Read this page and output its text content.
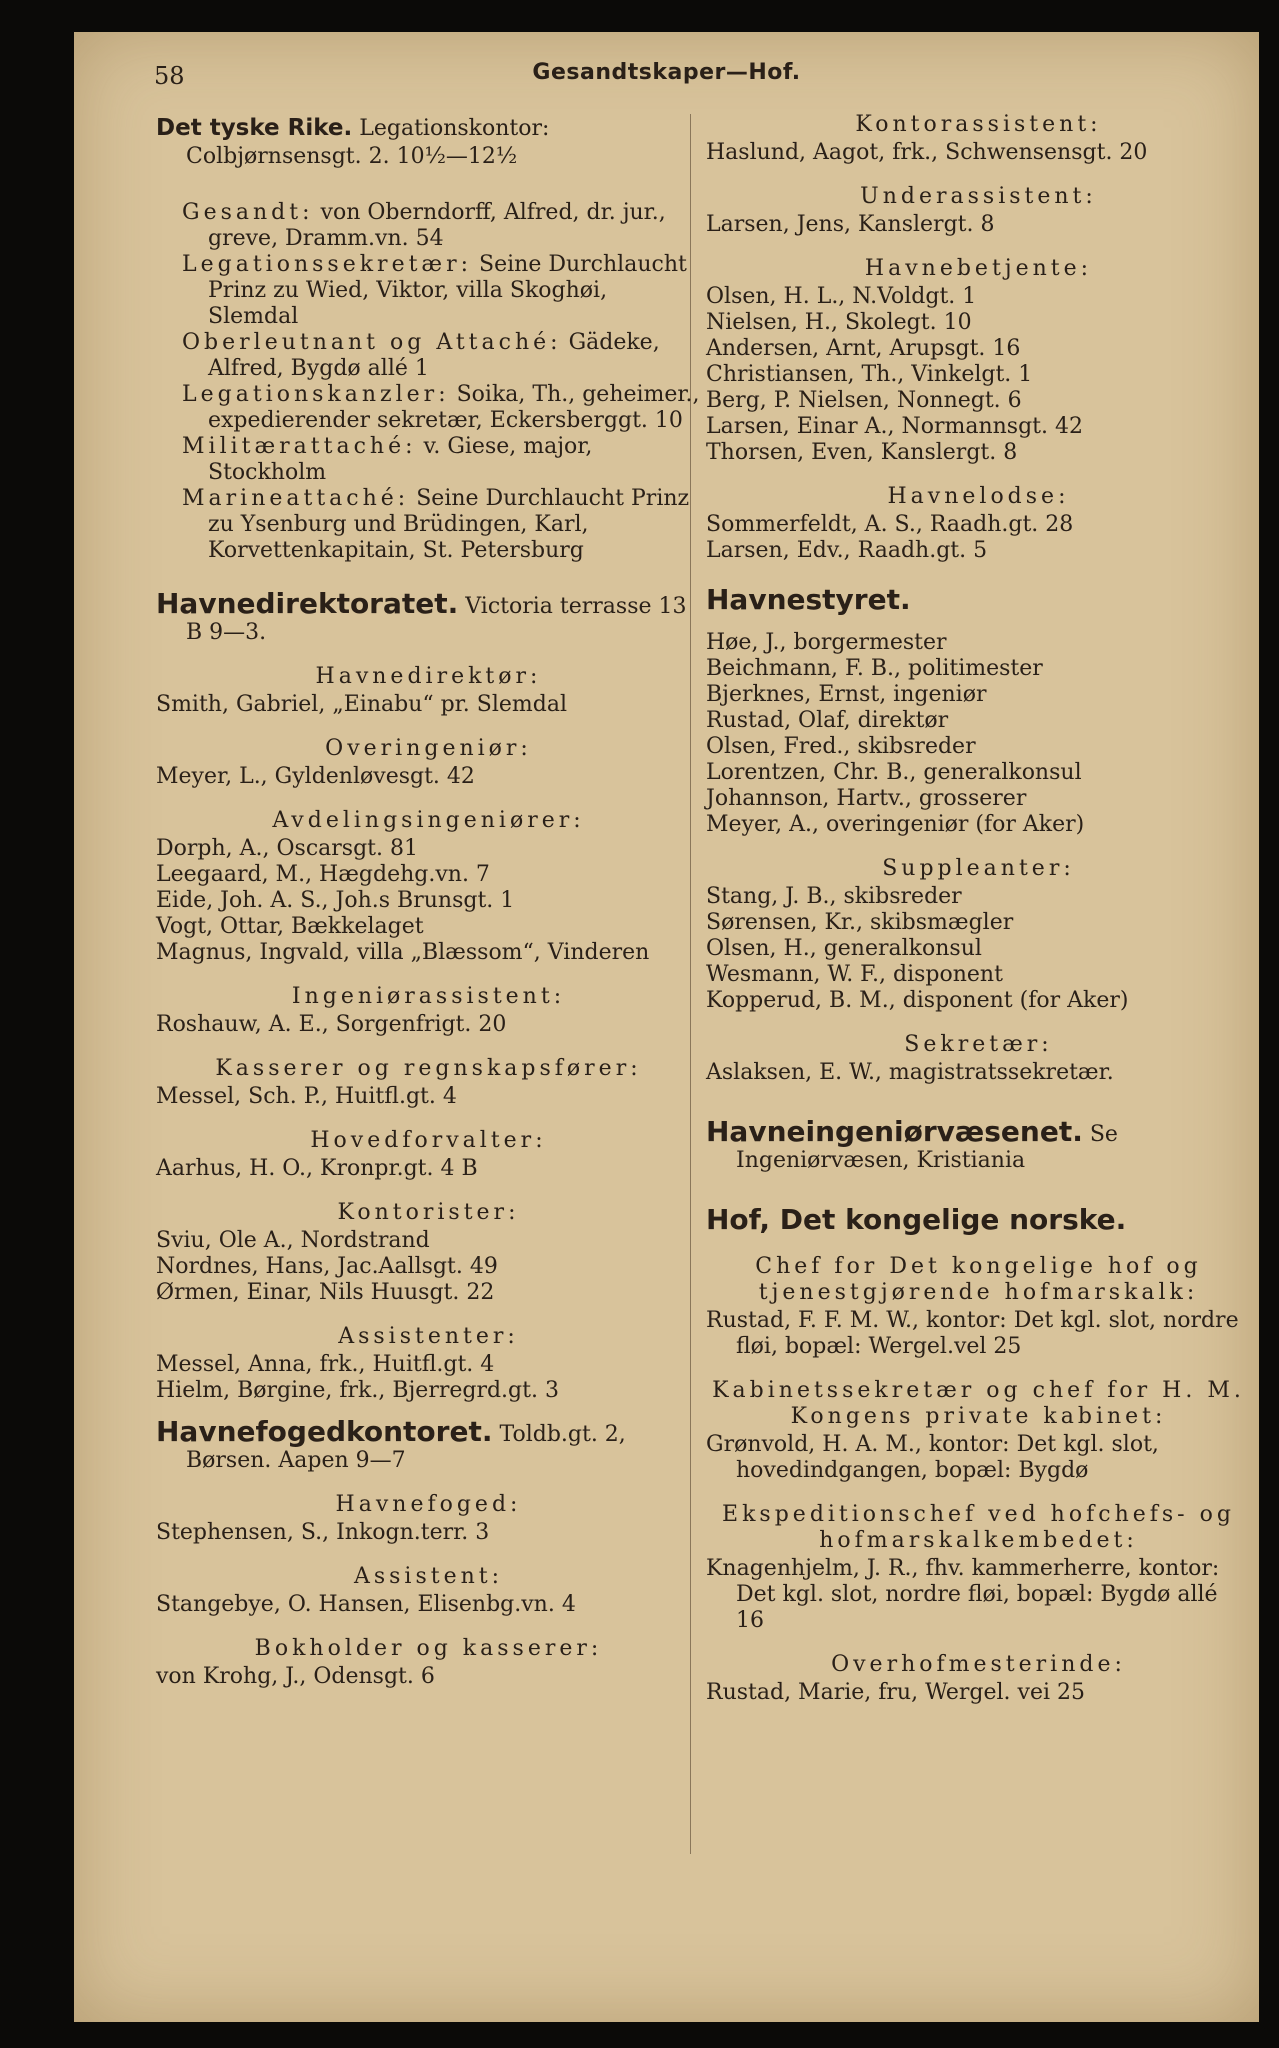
58	Gesandtskaper—Hof.
Det tyske Rike. Legationskontor: Colbjørnsensgt. 2. 10½—12½
Gesandt: von Oberndorff, Alfred, dr. jur., greve, Dramm.vn. 54
Legationssekretær: Seine Durchlaucht Prinz zu Wied, Viktor, villa Skoghøi, Slemdal
Oberleutnant og Attaché: Gädeke, Alfred, Bygdø allé 1
Legationskanzler: Soika, Th., geheimer., expedierender sekretær, Eckersberggt. 10
Militærattaché: v. Giese, major, Stockholm
Marineattaché: Seine Durchlaucht Prinz zu Ysenburg und Brüdingen, Karl, Korvettenkapitain, St. Petersburg
Havnedirektoratet. Victoria terrasse 13 B 9—3.
Havnedirektør:
Smith, Gabriel, „Einabu“ pr. Slemdal
Overingeniør:
Meyer, L., Gyldenløvesgt. 42
Avdelingsingeniører:
Dorph, A., Oscarsgt. 81
Leegaard, M., Hægdehg.vn. 7
Eide, Joh. A. S., Joh.s Brunsgt. 1
Vogt, Ottar, Bækkelaget
Magnus, Ingvald, villa „Blæssom“, Vinderen
Ingeniørassistent:
Roshauw, A. E., Sorgenfrigt. 20
Kasserer og regnskapsfører:
Messel, Sch. P., Huitfl.gt. 4
Hovedforvalter:
Aarhus, H. O., Kronpr.gt. 4 B
Kontorister:
Sviu, Ole A., Nordstrand
Nordnes, Hans, Jac.Aallsgt. 49
Ørmen, Einar, Nils Huusgt. 22
Assistenter:
Messel, Anna, frk., Huitfl.gt. 4
Hielm, Børgine, frk., Bjerregrd.gt. 3
Havnefogedkontoret. Toldb.gt. 2, Børsen. Aapen 9—7
Havnefoged:
Stephensen, S., Inkogn.terr. 3
Assistent:
Stangebye, O. Hansen, Elisenbg.vn. 4
Bokholder og kasserer:
von Krohg, J., Odensgt. 6
Kontorassistent:
Haslund, Aagot, frk., Schwensensgt. 20
Underassistent:
Larsen, Jens, Kanslergt. 8
Havnebetjente:
Olsen, H. L., N.Voldgt. 1
Nielsen, H., Skolegt. 10
Andersen, Arnt, Arupsgt. 16
Christiansen, Th., Vinkelgt. 1
Berg, P. Nielsen, Nonnegt. 6
Larsen, Einar A., Normannsgt. 42
Thorsen, Even, Kanslergt. 8
Havnelodse:
Sommerfeldt, A. S., Raadh.gt. 28
Larsen, Edv., Raadh.gt. 5
Havnestyret.
Høe, J., borgermester
Beichmann, F. B., politimester
Bjerknes, Ernst, ingeniør
Rustad, Olaf, direktør
Olsen, Fred., skibsreder
Lorentzen, Chr. B., generalkonsul
Johannson, Hartv., grosserer
Meyer, A., overingeniør (for Aker)
Suppleanter:
Stang, J. B., skibsreder
Sørensen, Kr., skibsmægler
Olsen, H., generalkonsul
Wesmann, W. F., disponent
Kopperud, B. M., disponent (for Aker)
Sekretær:
Aslaksen, E. W., magistratssekretær.
Havneingeniørvæsenet. Se Ingeniørvæsen, Kristiania
Hof, Det kongelige norske.
Chef for Det kongelige hof og tjenestgjørende hofmarskalk:
Rustad, F. F. M. W., kontor: Det kgl. slot, nordre fløi, bopæl: Wergel.vel 25
Kabinetssekretær og chef for H. M. Kongens private kabinet:
Grønvold, H. A. M., kontor: Det kgl. slot, hovedindgangen, bopæl: Bygdø
Ekspeditionschef ved hofchefs- og hofmarskalkembedet:
Knagenhjelm, J. R., fhv. kammerherre, kontor: Det kgl. slot, nordre fløi, bopæl: Bygdø allé 16
Overhofmesterinde:
Rustad, Marie, fru, Wergel. vei 25
